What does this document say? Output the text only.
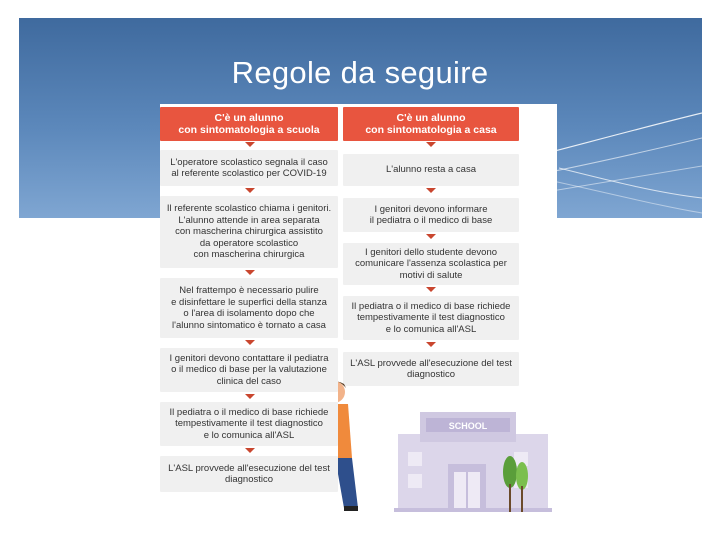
Regole da seguire
C'è un alunno
con sintomatologia a scuola
L'operatore scolastico segnala il caso
al referente scolastico per COVID-19
Il referente scolastico chiama i genitori.
L'alunno attende in area separata
con mascherina chirurgica assistito
da operatore scolastico
con mascherina chirurgica
Nel frattempo è necessario pulire
e disinfettare le superfici della stanza
o l'area di isolamento dopo che
l'alunno sintomatico è tornato a casa
I genitori devono contattare il pediatra
o il medico di base per la valutazione
clinica del caso
Il pediatra o il medico di base richiede
tempestivamente il test diagnostico
e lo comunica all'ASL
L'ASL provvede all'esecuzione del test
diagnostico
C'è un alunno
con sintomatologia a casa
L'alunno resta a casa
I genitori devono informare
il pediatra o il medico di base
I genitori dello studente devono
comunicare l'assenza scolastica per
motivi di salute
Il pediatra o il medico di base richiede
tempestivamente il test diagnostico
e lo comunica all'ASL
L'ASL provvede all'esecuzione del test
diagnostico
SCHOOL
